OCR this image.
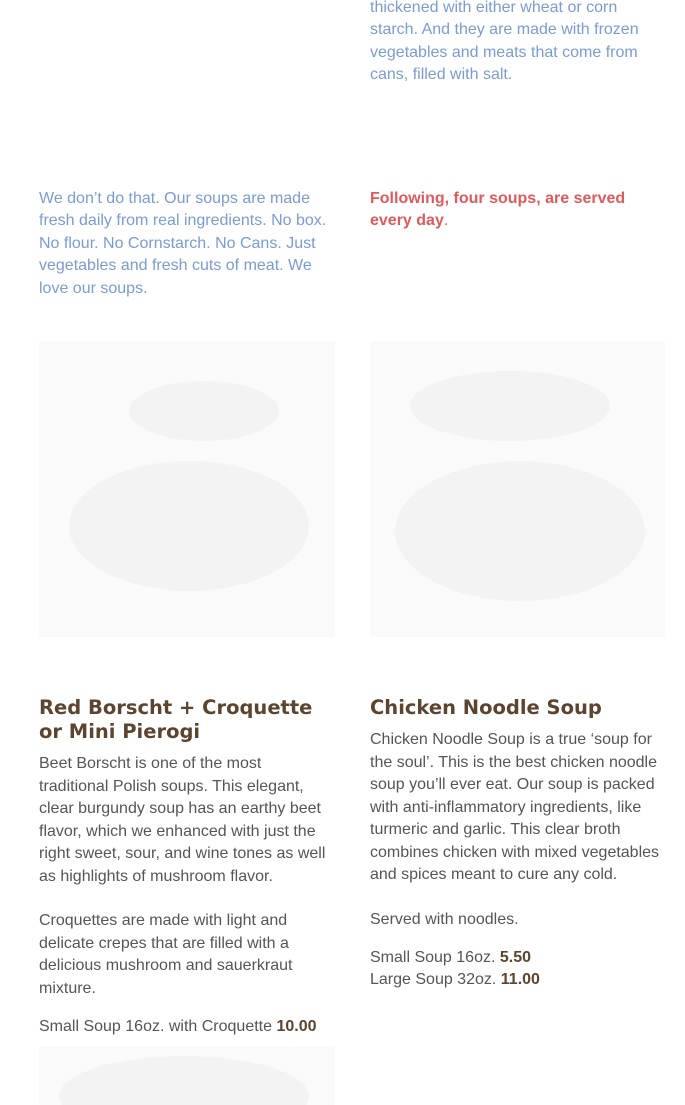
thickened with either wheat or corn starch. And they are made with frozen vegetables and meats that come from cans, filled with salt.
We don’t do that. Our soups are made fresh daily from real ingredients. No box. No flour. No Cornstarch. No Cans. Just vegetables and fresh cuts of meat. We love our soups.
Following, four soups, are served every day.
Red Borscht + Croquette or Mini Pierogi
Beet Borscht is one of the most traditional Polish soups. This elegant, clear burgundy soup has an earthy beet flavor, which we enhanced with just the right sweet, sour, and wine tones as well as highlights of mushroom flavor.
Croquettes are made with light and delicate crepes that are filled with a delicious mushroom and sauerkraut mixture.
Small Soup 16oz. with Croquette 10.00
Chicken Noodle Soup
Chicken Noodle Soup is a true ‘soup for the soul’. This is the best chicken noodle soup you’ll ever eat. Our soup is packed with anti-inflammatory ingredients, like turmeric and garlic. This clear broth combines chicken with mixed vegetables and spices meant to cure any cold.
Served with noodles.
Small Soup 16oz. 5.50
Large Soup 32oz. 11.00
